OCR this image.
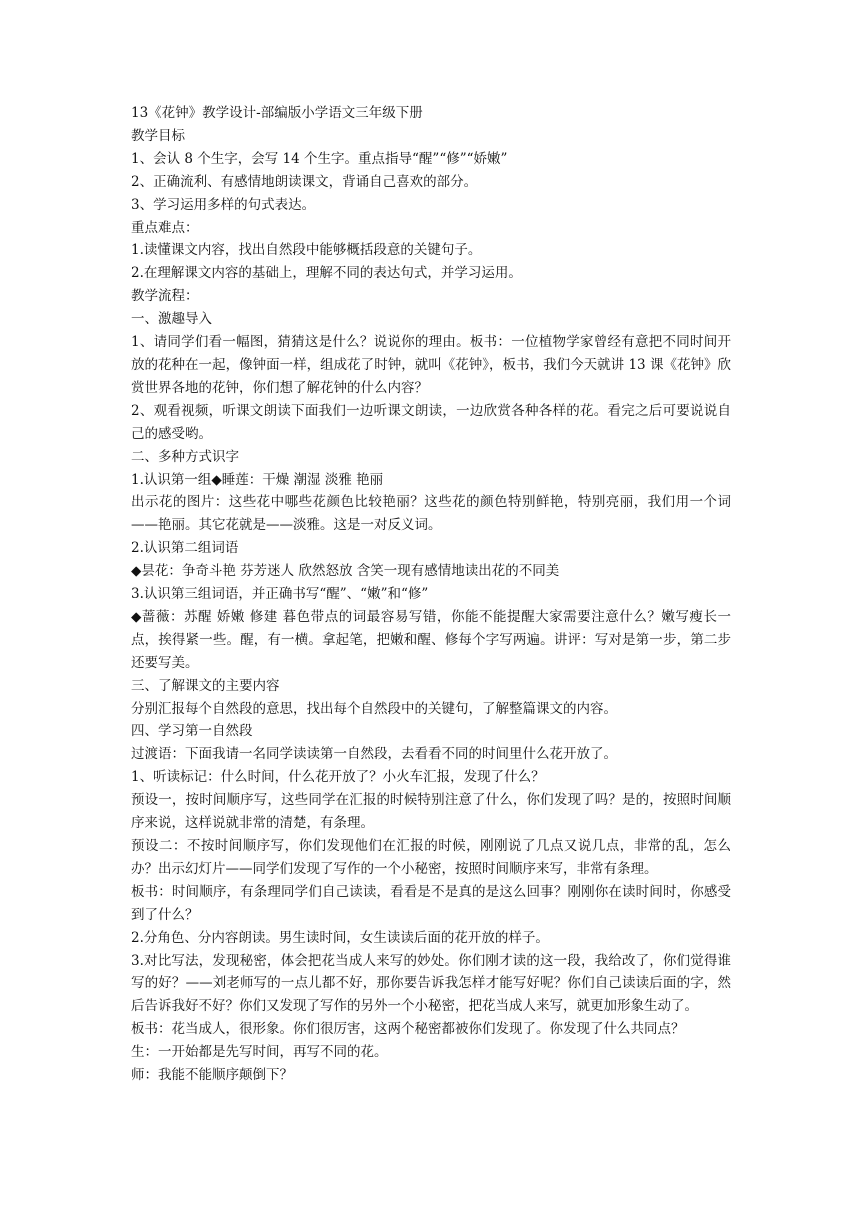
13《花钟》教学设计-部编版小学语文三年级下册

教学目标

1、会认 8 个生字，会写 14 个生字。重点指导“醒”“修”“娇嫩”

2、正确流利、有感情地朗读课文，背诵自己喜欢的部分。

3、学习运用多样的句式表达。

重点难点：

1.读懂课文内容，找出自然段中能够概括段意的关键句子。

2.在理解课文内容的基础上，理解不同的表达句式，并学习运用。

教学流程：

一、激趣导入

1、请同学们看一幅图，猜猜这是什么？说说你的理由。板书：一位植物学家曾经有意把不同时间开放的花种在一起，像钟面一样，组成花了时钟，就叫《花钟》，板书，我们今天就讲 13 课《花钟》欣赏世界各地的花钟，你们想了解花钟的什么内容？

2、观看视频，听课文朗读下面我们一边听课文朗读，一边欣赏各种各样的花。看完之后可要说说自己的感受哟。

二、多种方式识字

1.认识第一组◆睡莲：干燥 潮湿 淡雅 艳丽

出示花的图片：这些花中哪些花颜色比较艳丽？这些花的颜色特别鲜艳，特别亮丽，我们用一个词——艳丽。其它花就是——淡雅。这是一对反义词。

2.认识第二组词语

◆昙花：争奇斗艳 芬芳迷人 欣然怒放 含笑一现有感情地读出花的不同美

3.认识第三组词语，并正确书写“醒”、“嫩”和“修”

◆蔷薇：苏醒 娇嫩 修建 暮色带点的词最容易写错，你能不能提醒大家需要注意什么？嫩写瘦长一点，挨得紧一些。醒，有一横。拿起笔，把嫩和醒、修每个字写两遍。讲评：写对是第一步，第二步还要写美。

三、了解课文的主要内容

分别汇报每个自然段的意思，找出每个自然段中的关键句，了解整篇课文的内容。

四、学习第一自然段

过渡语：下面我请一名同学读读第一自然段，去看看不同的时间里什么花开放了。

1、听读标记：什么时间，什么花开放了？小火车汇报，发现了什么？

预设一，按时间顺序写，这些同学在汇报的时候特别注意了什么，你们发现了吗？是的，按照时间顺序来说，这样说就非常的清楚，有条理。

预设二：不按时间顺序写，你们发现他们在汇报的时候，刚刚说了几点又说几点，非常的乱，怎么办？出示幻灯片——同学们发现了写作的一个小秘密，按照时间顺序来写，非常有条理。

板书：时间顺序，有条理同学们自己读读，看看是不是真的是这么回事？刚刚你在读时间时，你感受到了什么？

2.分角色、分内容朗读。男生读时间，女生读读后面的花开放的样子。

3.对比写法，发现秘密，体会把花当成人来写的妙处。你们刚才读的这一段，我给改了，你们觉得谁写的好？——刘老师写的一点儿都不好，那你要告诉我怎样才能写好呢？你们自己读读后面的字，然后告诉我好不好？你们又发现了写作的另外一个小秘密，把花当成人来写，就更加形象生动了。

板书：花当成人，很形象。你们很厉害，这两个秘密都被你们发现了。你发现了什么共同点？

生：一开始都是先写时间，再写不同的花。

师：我能不能顺序颠倒下？
